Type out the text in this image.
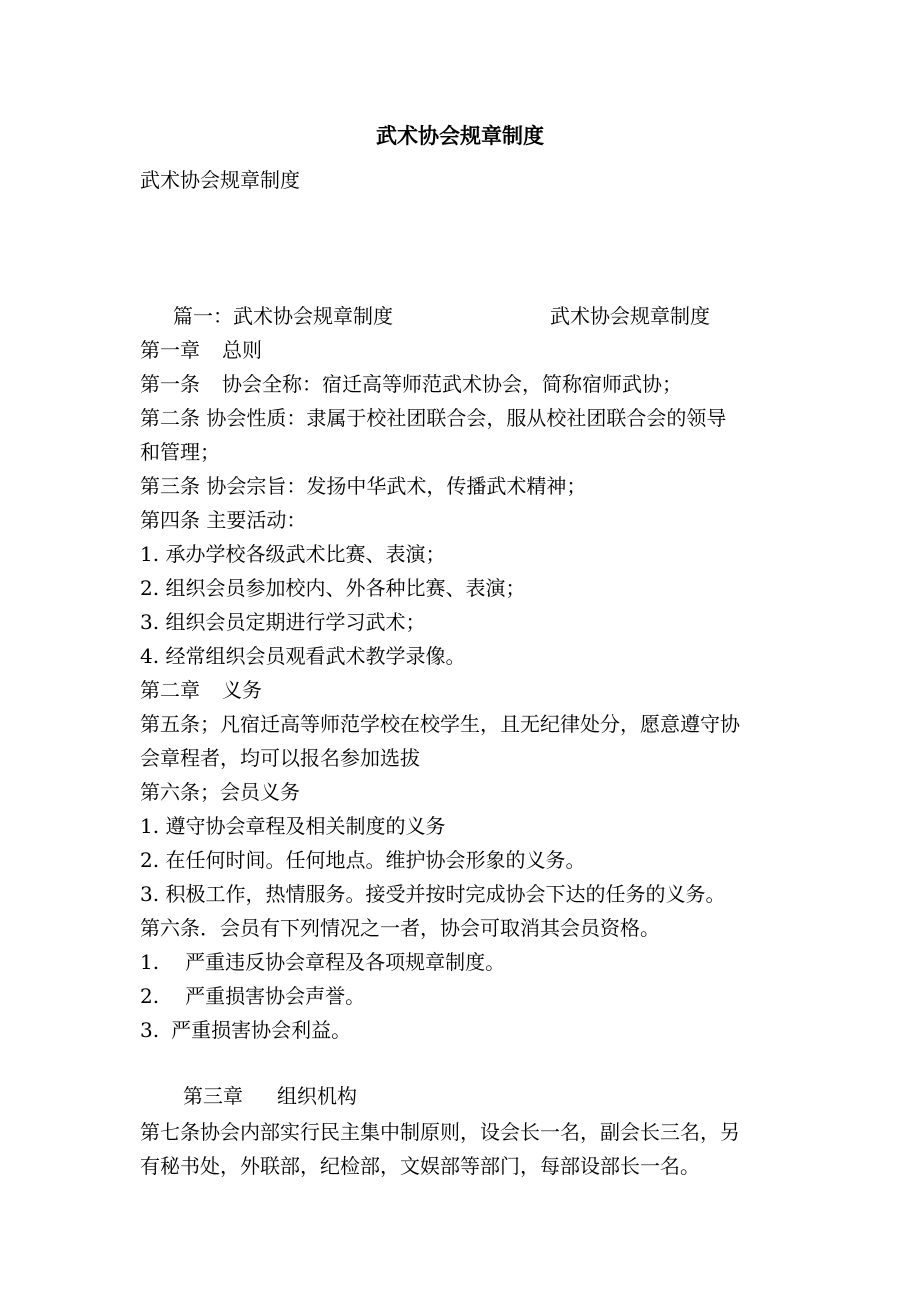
武术协会规章制度
武术协会规章制度
篇一：武术协会规章制度	武术协会规章制度
第一章 总则
第一条 协会全称：宿迁高等师范武术协会，简称宿师武协；
第二条 协会性质：隶属于校社团联合会，服从校社团联合会的领导
和管理；
第三条 协会宗旨：发扬中华武术，传播武术精神；
第四条 主要活动：
1. 承办学校各级武术比赛、表演；
2. 组织会员参加校内、外各种比赛、表演；
3. 组织会员定期进行学习武术；
4. 经常组织会员观看武术教学录像。
第二章 义务
第五条；凡宿迁高等师范学校在校学生，且无纪律处分，愿意遵守协
会章程者，均可以报名参加选拔
第六条；会员义务
1. 遵守协会章程及相关制度的义务
2. 在任何时间。任何地点。维护协会形象的义务。
3. 积极工作，热情服务。接受并按时完成协会下达的任务的义务。
第六条．会员有下列情况之一者，协会可取消其会员资格。
1. 严重违反协会章程及各项规章制度。
2. 严重损害协会声誉。
3. 严重损害协会利益。
第三章 组织机构
第七条协会内部实行民主集中制原则，设会长一名，副会长三名，另
有秘书处，外联部，纪检部，文娱部等部门，每部设部长一名。
